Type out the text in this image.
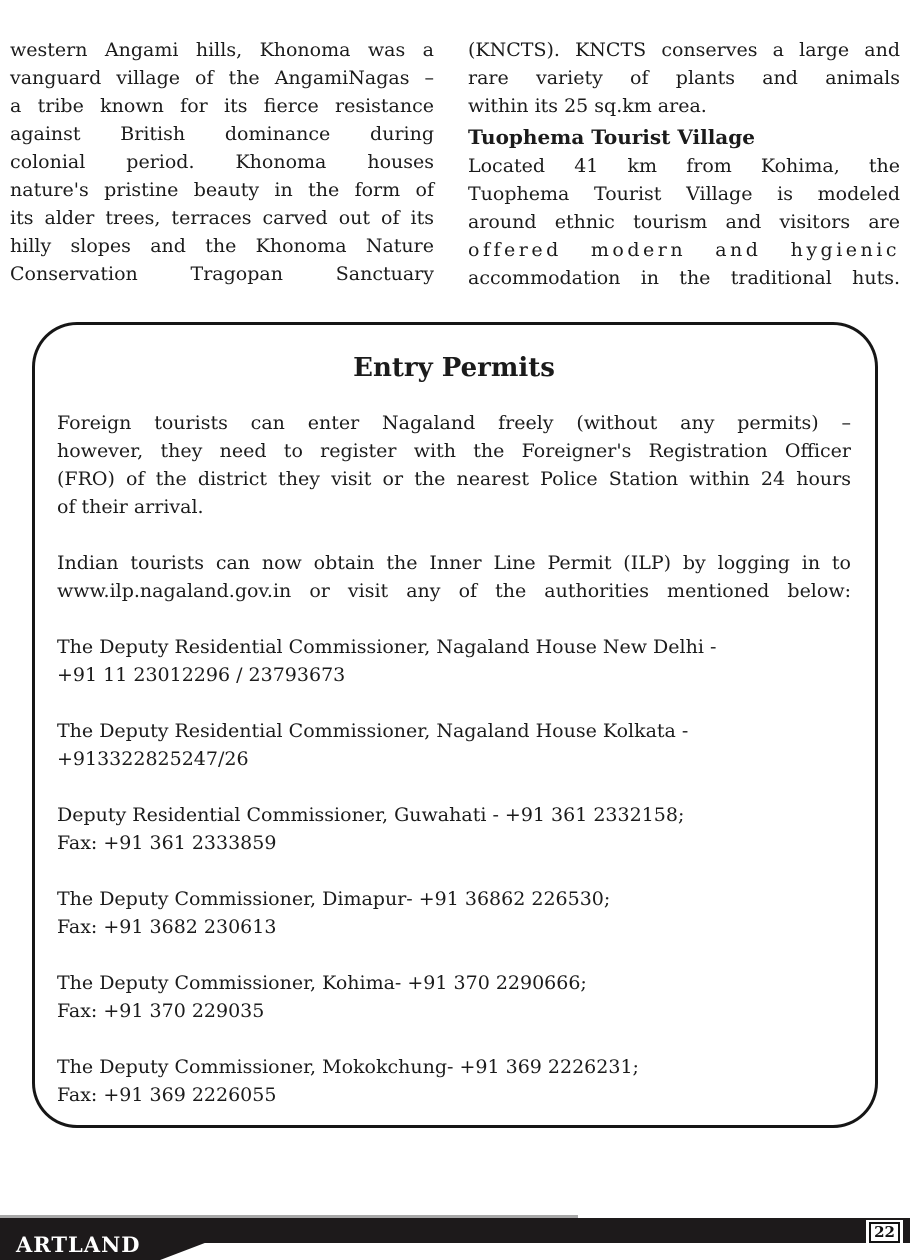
western Angami hills, Khonoma was a
vanguard village of the AngamiNagas –
a tribe known for its fierce resistance
against British dominance during
colonial period. Khonoma houses
nature's pristine beauty in the form of
its alder trees, terraces carved out of its
hilly slopes and the Khonoma Nature
Conservation Tragopan Sanctuary
(KNCTS). KNCTS conserves a large and
rare variety of plants and animals
within its 25 sq.km area.
Tuophema Tourist Village
Located 41 km from Kohima, the
Tuophema Tourist Village is modeled
around ethnic tourism and visitors are
offered modern and hygienic
accommodation in the traditional huts.
Entry Permits
Foreign tourists can enter Nagaland freely (without any permits) –
however, they need to register with the Foreigner's Registration Officer
(FRO) of the district they visit or the nearest Police Station within 24 hours
of their arrival.
Indian tourists can now obtain the Inner Line Permit (ILP) by logging in to
www.ilp.nagaland.gov.in or visit any of the authorities mentioned below:
The Deputy Residential Commissioner, Nagaland House New Delhi -
+91 11 23012296 / 23793673
The Deputy Residential Commissioner, Nagaland House Kolkata -
+913322825247/26
Deputy Residential Commissioner, Guwahati - +91 361 2332158;
Fax: +91 361 2333859
The Deputy Commissioner, Dimapur- +91 36862 226530;
Fax: +91 3682 230613
The Deputy Commissioner, Kohima- +91 370 2290666;
Fax: +91 370 229035
The Deputy Commissioner, Mokokchung- +91 369 2226231;
Fax: +91 369 2226055
ARTLAND	22
